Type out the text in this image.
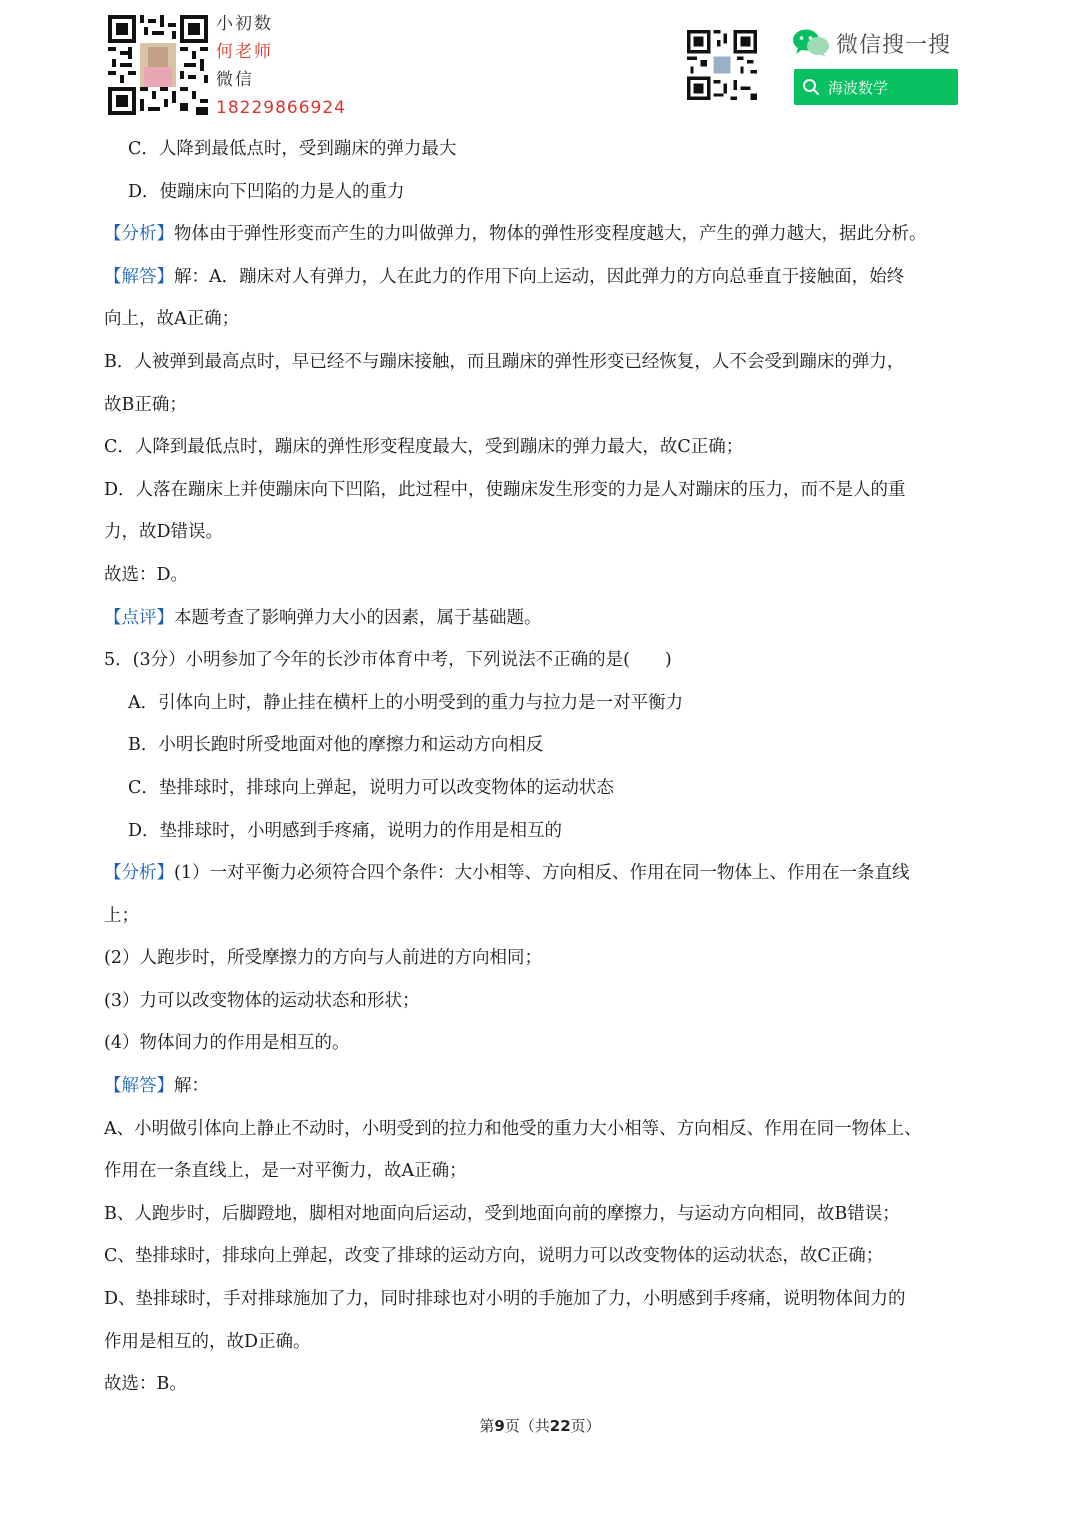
小初数
何老师
微信
18229866924
微信搜一搜
海波数学
C．人降到最低点时，受到蹦床的弹力最大
D．使蹦床向下凹陷的力是人的重力
【分析】物体由于弹性形变而产生的力叫做弹力，物体的弹性形变程度越大，产生的弹力越大，据此分析。
【解答】解：A．蹦床对人有弹力，人在此力的作用下向上运动，因此弹力的方向总垂直于接触面，始终
向上，故A正确；
B．人被弹到最高点时，早已经不与蹦床接触，而且蹦床的弹性形变已经恢复，人不会受到蹦床的弹力，
故B正确；
C．人降到最低点时，蹦床的弹性形变程度最大，受到蹦床的弹力最大，故C正确；
D．人落在蹦床上并使蹦床向下凹陷，此过程中，使蹦床发生形变的力是人对蹦床的压力，而不是人的重
力，故D错误。
故选：D。
【点评】本题考查了影响弹力大小的因素，属于基础题。
5．(3分）小明参加了今年的长沙市体育中考，下列说法不正确的是(　　)
A．引体向上时，静止挂在横杆上的小明受到的重力与拉力是一对平衡力
B．小明长跑时所受地面对他的摩擦力和运动方向相反
C．垫排球时，排球向上弹起，说明力可以改变物体的运动状态
D．垫排球时，小明感到手疼痛，说明力的作用是相互的
【分析】(1）一对平衡力必须符合四个条件：大小相等、方向相反、作用在同一物体上、作用在一条直线
上；
(2）人跑步时，所受摩擦力的方向与人前进的方向相同；
(3）力可以改变物体的运动状态和形状；
(4）物体间力的作用是相互的。
【解答】解：
A、小明做引体向上静止不动时，小明受到的拉力和他受的重力大小相等、方向相反、作用在同一物体上、
作用在一条直线上，是一对平衡力，故A正确；
B、人跑步时，后脚蹬地，脚相对地面向后运动，受到地面向前的摩擦力，与运动方向相同，故B错误；
C、垫排球时，排球向上弹起，改变了排球的运动方向，说明力可以改变物体的运动状态，故C正确；
D、垫排球时，手对排球施加了力，同时排球也对小明的手施加了力，小明感到手疼痛，说明物体间力的
作用是相互的，故D正确。
故选：B。
第9页（共22页）
